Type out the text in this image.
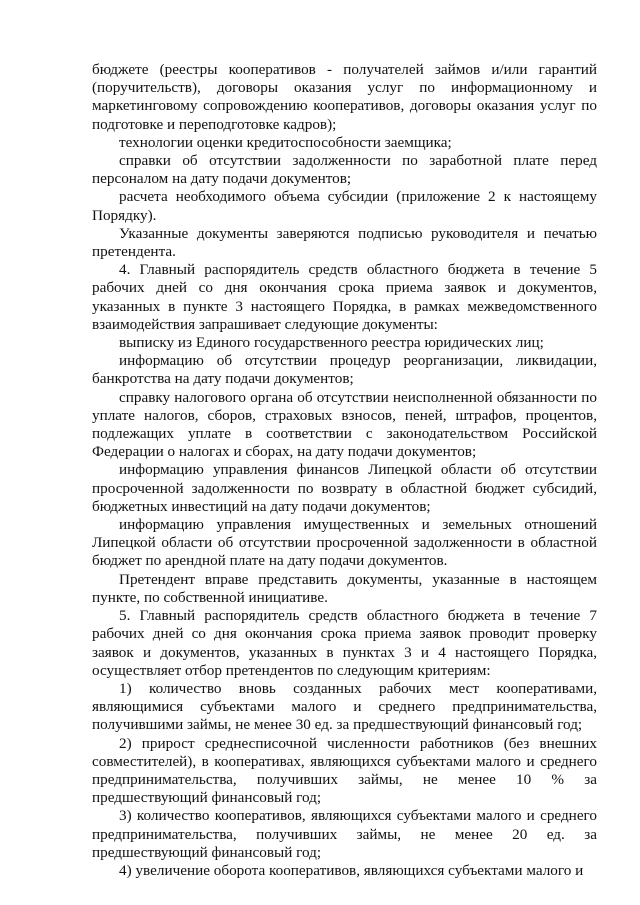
бюджете (реестры кооперативов - получателей займов и/или гарантий (поручительств), договоры оказания услуг по информационному и маркетинговому сопровождению кооперативов, договоры оказания услуг по подготовке и переподготовке кадров);

технологии оценки кредитоспособности заемщика;

справки об отсутствии задолженности по заработной плате перед персоналом на дату подачи документов;

расчета необходимого объема субсидии (приложение 2 к настоящему Порядку).

Указанные документы заверяются подписью руководителя и печатью претендента.

4. Главный распорядитель средств областного бюджета в течение 5 рабочих дней со дня окончания срока приема заявок и документов, указанных в пункте 3 настоящего Порядка, в рамках межведомственного взаимодействия запрашивает следующие документы:

выписку из Единого государственного реестра юридических лиц;

информацию об отсутствии процедур реорганизации, ликвидации, банкротства на дату подачи документов;

справку налогового органа об отсутствии неисполненной обязанности по уплате налогов, сборов, страховых взносов, пеней, штрафов, процентов, подлежащих уплате в соответствии с законодательством Российской Федерации о налогах и сборах, на дату подачи документов;

информацию управления финансов Липецкой области об отсутствии просроченной задолженности по возврату в областной бюджет субсидий, бюджетных инвестиций на дату подачи документов;

информацию управления имущественных и земельных отношений Липецкой области об отсутствии просроченной задолженности в областной бюджет по арендной плате на дату подачи документов.

Претендент вправе представить документы, указанные в настоящем пункте, по собственной инициативе.

5. Главный распорядитель средств областного бюджета в течение 7 рабочих дней со дня окончания срока приема заявок проводит проверку заявок и документов, указанных в пунктах 3 и 4 настоящего Порядка, осуществляет отбор претендентов по следующим критериям:

1) количество вновь созданных рабочих мест кооперативами, являющимися субъектами малого и среднего предпринимательства, получившими займы, не менее 30 ед. за предшествующий финансовый год;

2) прирост среднесписочной численности работников (без внешних совместителей), в кооперативах, являющихся субъектами малого и среднего предпринимательства, получивших займы, не менее 10 % за предшествующий финансовый год;

3) количество кооперативов, являющихся субъектами малого и среднего предпринимательства, получивших займы, не менее 20 ед. за предшествующий финансовый год;

4) увеличение оборота кооперативов, являющихся субъектами малого и
